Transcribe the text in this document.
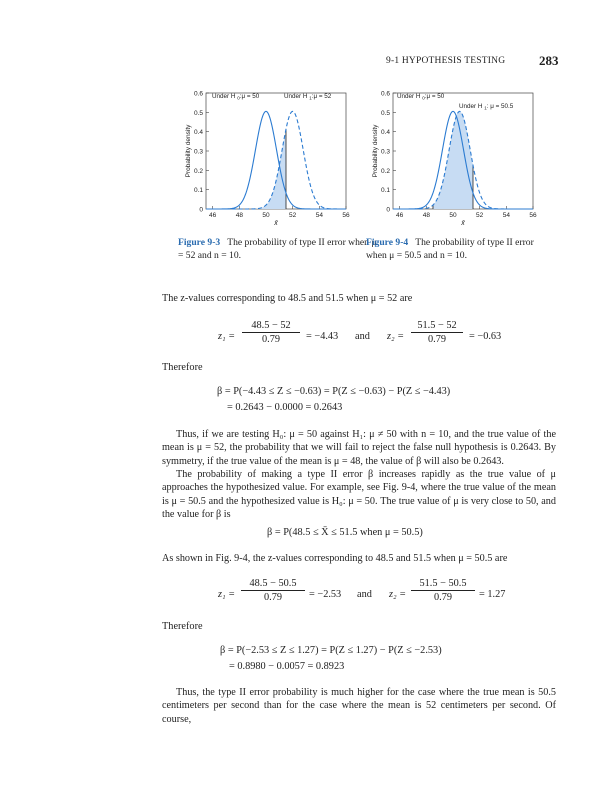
9-1 HYPOTHESIS TESTING	283
0
0.1
0.2
0.3
0.4
0.5
0.6
46	48	50	52	54	56
Probability density
x̄
Under H $_0$:μ = 50	Under H $_1$:μ = 52
0
0.1
0.2
0.3
0.4
0.5
0.6
46	48	50	52	54	56
Probability density
x̄
Under H $_0$:μ = 50
Under H $_1$: μ = 50.5
Figure 9-3 The probability of type II error when μ = 52 and n = 10.
Figure 9-4 The probability of type II error when μ = 50.5 and n = 10.
The z-values corresponding to 48.5 and 51.5 when μ = 52 are
$z_1 = \frac{48.5 - 52}{0.79} = -4.43$ and $z_2 = \frac{51.5 - 52}{0.79} = -0.63$
Therefore
β = P(−4.43 ≤ Z ≤ −0.63) = P(Z ≤ −0.63) − P(Z ≤ −4.43)
= 0.2643 − 0.0000 = 0.2643
Thus, if we are testing H₀: μ = 50 against H₁: μ ≠ 50 with n = 10, and the true value of the mean is μ = 52, the probability that we will fail to reject the false null hypothesis is 0.2643. By symmetry, if the true value of the mean is μ = 48, the value of β will also be 0.2643.
The probability of making a type II error β increases rapidly as the true value of μ approaches the hypothesized value. For example, see Fig. 9-4, where the true value of the mean is μ = 50.5 and the hypothesized value is H₀: μ = 50. The true value of μ is very close to 50, and the value for β is
β = P(48.5 ≤ X̄ ≤ 51.5 when μ = 50.5)
As shown in Fig. 9-4, the z-values corresponding to 48.5 and 51.5 when μ = 50.5 are
$z_1 = \frac{48.5 - 50.5}{0.79} = -2.53$ and $z_2 = \frac{51.5 - 50.5}{0.79} = 1.27$
Therefore
β = P(−2.53 ≤ Z ≤ 1.27) = P(Z ≤ 1.27) − P(Z ≤ −2.53)
= 0.8980 − 0.0057 = 0.8923
Thus, the type II error probability is much higher for the case where the true mean is 50.5 centimeters per second than for the case where the mean is 52 centimeters per second. Of course,
